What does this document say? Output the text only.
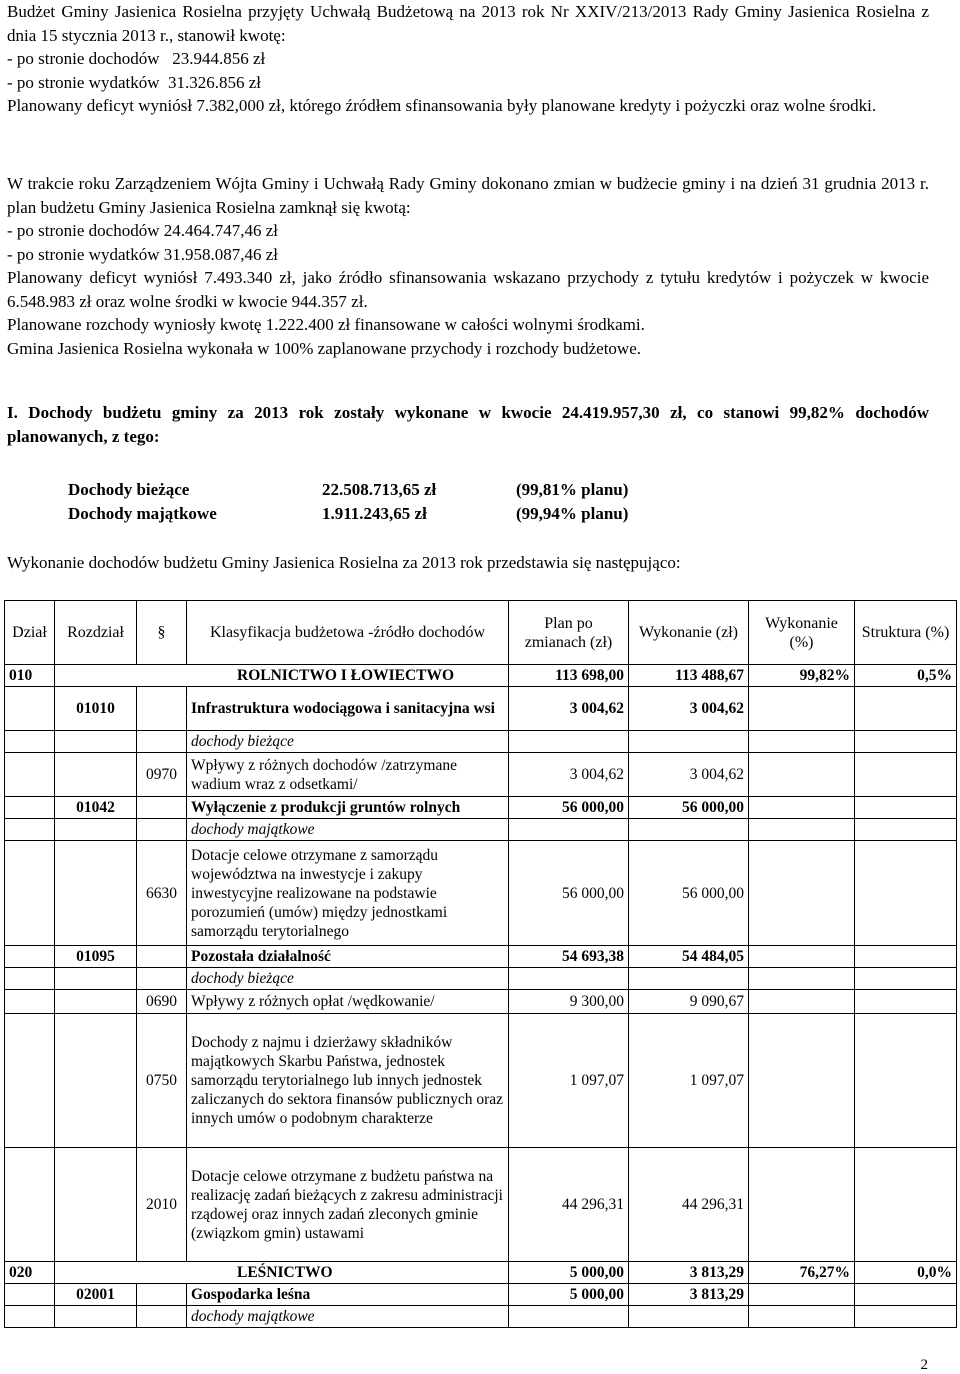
Budżet Gminy Jasienica Rosielna przyjęty Uchwałą Budżetową na 2013 rok Nr XXIV/213/2013 Rady Gminy Jasienica Rosielna z dnia 15 stycznia 2013 r., stanowił kwotę:
- po stronie dochodów   23.944.856 zł
- po stronie wydatków  31.326.856 zł
Planowany deficyt wyniósł 7.382,000 zł, którego źródłem sfinansowania były planowane kredyty i pożyczki oraz wolne środki.
W trakcie roku Zarządzeniem Wójta Gminy i Uchwałą Rady Gminy dokonano zmian w budżecie gminy i na dzień 31 grudnia 2013 r. plan budżetu Gminy Jasienica Rosielna zamknął się kwotą:
- po stronie dochodów 24.464.747,46 zł
- po stronie wydatków 31.958.087,46 zł
Planowany deficyt wyniósł 7.493.340 zł, jako źródło sfinansowania wskazano przychody z tytułu kredytów i pożyczek w kwocie 6.548.983 zł oraz wolne środki w kwocie 944.357 zł.
Planowane rozchody wyniosły kwotę 1.222.400 zł finansowane w całości wolnymi środkami.
Gmina Jasienica Rosielna wykonała w 100% zaplanowane przychody i rozchody budżetowe.
I. Dochody budżetu gminy za 2013 rok zostały wykonane w kwocie 24.419.957,30 zł, co stanowi 99,82% dochodów planowanych, z tego:
Dochody bieżące	22.508.713,65 zł	(99,81% planu)
Dochody majątkowe	1.911.243,65 zł	(99,94% planu)
Wykonanie dochodów budżetu Gminy Jasienica Rosielna za 2013 rok przedstawia się następująco:
Dział	Rozdział	§	Klasyfikacja budżetowa -źródło dochodów	Plan po zmianach (zł)	Wykonanie (zł)	Wykonanie (%)	Struktura (%)
010	ROLNICTWO I ŁOWIECTWO			113 698,00	113 488,67	99,82%	0,5%
	01010		Infrastruktura wodociągowa i sanitacyjna wsi	3 004,62	3 004,62		
			dochody bieżące				
		0970	Wpływy z różnych dochodów /zatrzymane wadium wraz z odsetkami/	3 004,62	3 004,62		
	01042		Wyłączenie z produkcji gruntów rolnych	56 000,00	56 000,00		
			dochody majątkowe				
		6630	Dotacje celowe otrzymane z samorządu województwa na inwestycje i zakupy inwestycyjne realizowane na podstawie porozumień (umów) między jednostkami samorządu terytorialnego	56 000,00	56 000,00		
	01095		Pozostała działalność	54 693,38	54 484,05		
			dochody bieżące				
		0690	Wpływy z różnych opłat /wędkowanie/	9 300,00	9 090,67		
		0750	Dochody z najmu i dzierżawy składników majątkowych Skarbu Państwa, jednostek samorządu terytorialnego lub innych jednostek zaliczanych do sektora finansów publicznych oraz innych umów o podobnym charakterze	1 097,07	1 097,07		
		2010	Dotacje celowe otrzymane z budżetu państwa na realizację zadań bieżących z zakresu administracji rządowej oraz innych zadań zleconych gminie (związkom gmin) ustawami	44 296,31	44 296,31		
020	LEŚNICTWO			5 000,00	3 813,29	76,27%	0,0%
	02001		Gospodarka leśna	5 000,00	3 813,29		
			dochody majątkowe				
2
